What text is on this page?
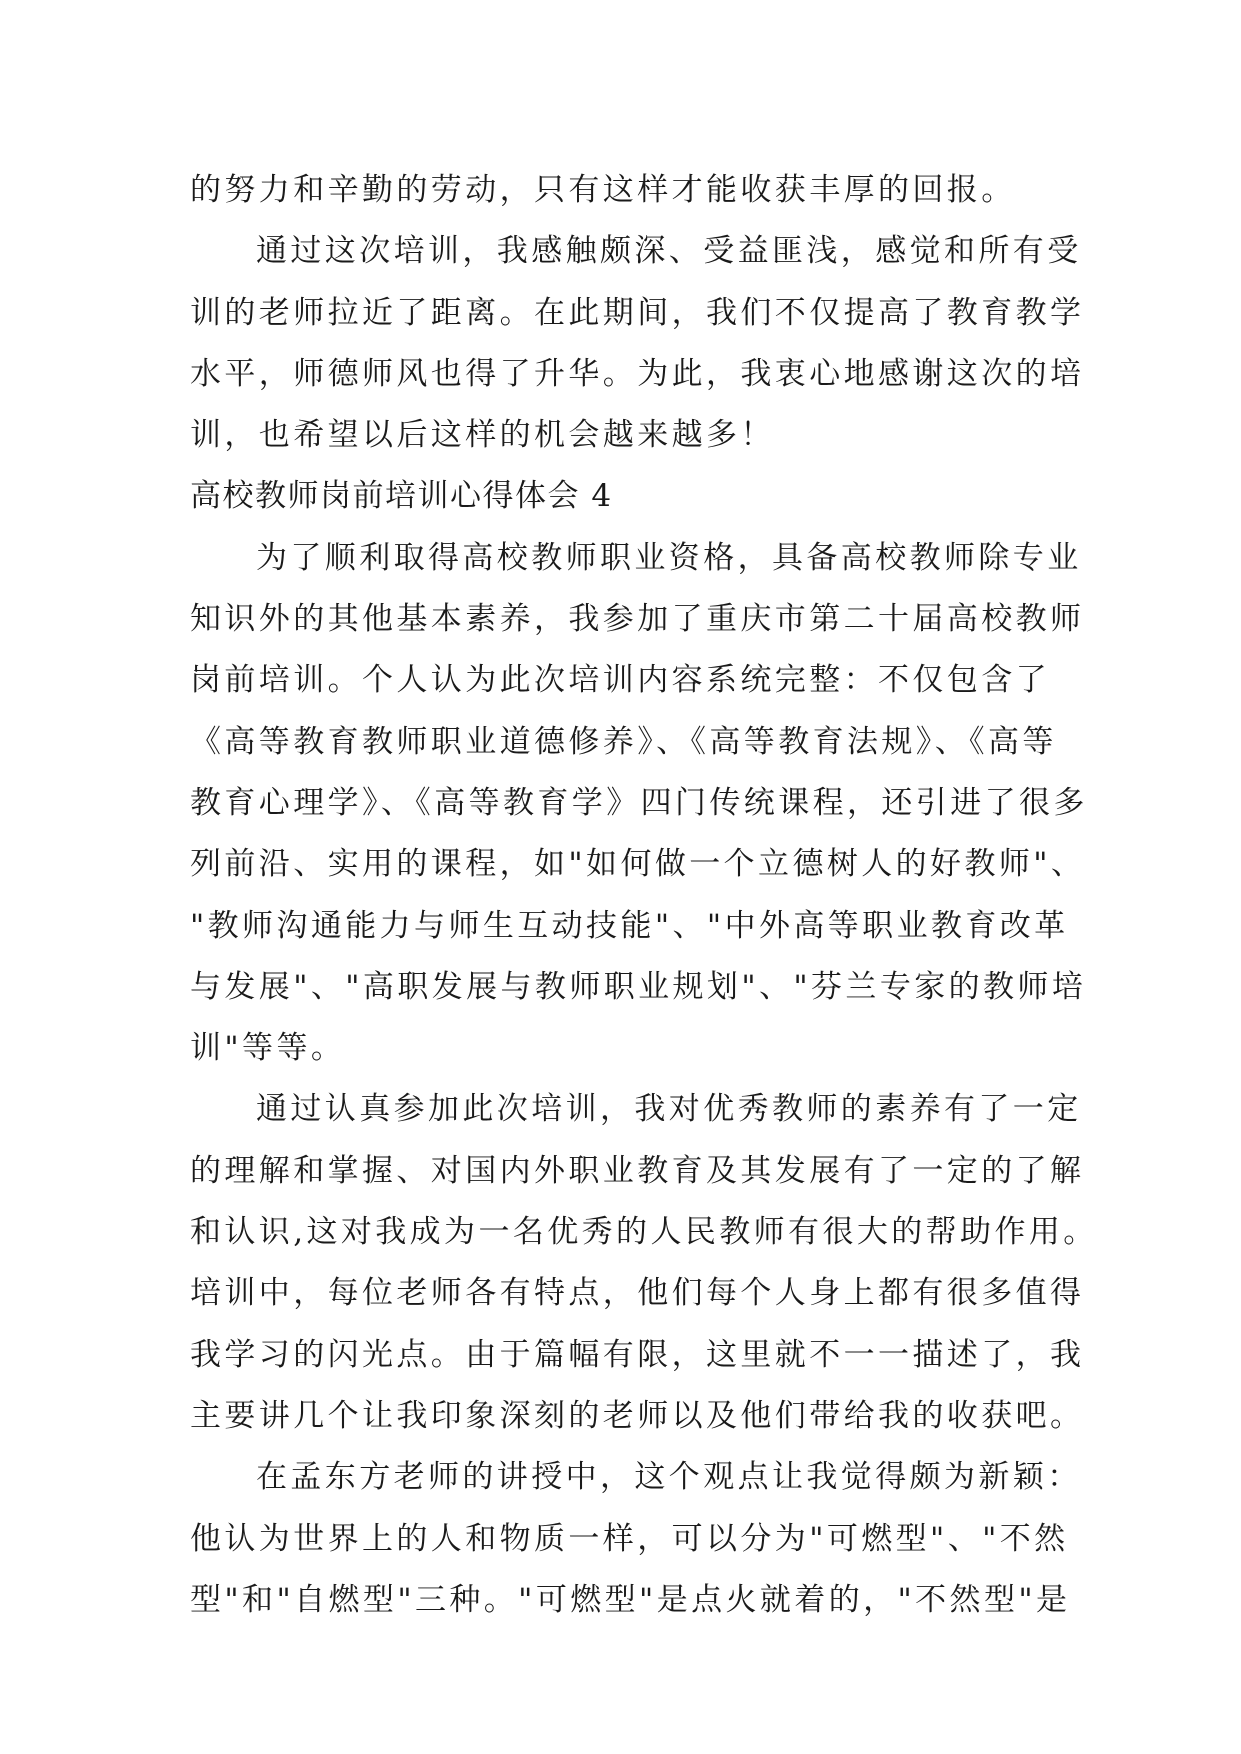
的努力和辛勤的劳动，只有这样才能收获丰厚的回报。
通过这次培训，我感触颇深、受益匪浅，感觉和所有受
训的老师拉近了距离。在此期间，我们不仅提高了教育教学
水平，师德师风也得了升华。为此，我衷心地感谢这次的培
训，也希望以后这样的机会越来越多！
高校教师岗前培训心得体会 4
为了顺利取得高校教师职业资格，具备高校教师除专业
知识外的其他基本素养，我参加了重庆市第二十届高校教师
岗前培训。个人认为此次培训内容系统完整：不仅包含了
《高等教育教师职业道德修养》、《高等教育法规》、《高等
教育心理学》、《高等教育学》四门传统课程，还引进了很多
列前沿、实用的课程，如"如何做一个立德树人的好教师"、
"教师沟通能力与师生互动技能"、"中外高等职业教育改革
与发展"、"高职发展与教师职业规划"、"芬兰专家的教师培
训"等等。
通过认真参加此次培训，我对优秀教师的素养有了一定
的理解和掌握、对国内外职业教育及其发展有了一定的了解
和认识,这对我成为一名优秀的人民教师有很大的帮助作用。
培训中，每位老师各有特点，他们每个人身上都有很多值得
我学习的闪光点。由于篇幅有限，这里就不一一描述了，我
主要讲几个让我印象深刻的老师以及他们带给我的收获吧。
在孟东方老师的讲授中，这个观点让我觉得颇为新颖：
他认为世界上的人和物质一样，可以分为"可燃型"、"不然
型"和"自燃型"三种。"可燃型"是点火就着的，"不然型"是
